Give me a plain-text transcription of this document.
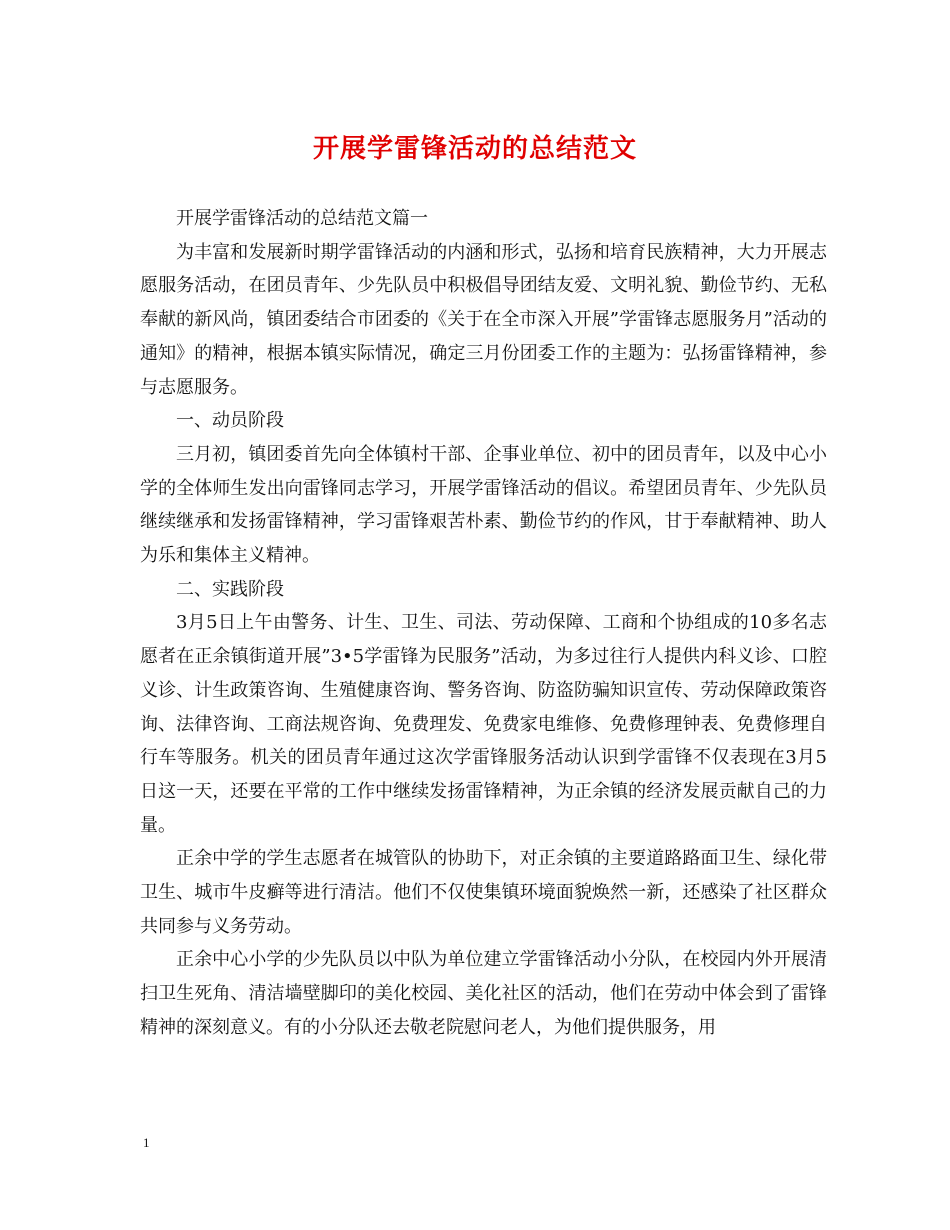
开展学雷锋活动的总结范文

开展学雷锋活动的总结范文篇一

为丰富和发展新时期学雷锋活动的内涵和形式，弘扬和培育民族精神，大力开展志愿服务活动，在团员青年、少先队员中积极倡导团结友爱、文明礼貌、勤俭节约、无私奉献的新风尚，镇团委结合市团委的《关于在全市深入开展”学雷锋志愿服务月”活动的通知》的精神，根据本镇实际情况，确定三月份团委工作的主题为：弘扬雷锋精神，参与志愿服务。

一、动员阶段

三月初，镇团委首先向全体镇村干部、企事业单位、初中的团员青年，以及中心小学的全体师生发出向雷锋同志学习，开展学雷锋活动的倡议。希望团员青年、少先队员继续继承和发扬雷锋精神，学习雷锋艰苦朴素、勤俭节约的作风，甘于奉献精神、助人为乐和集体主义精神。

二、实践阶段

3月5日上午由警务、计生、卫生、司法、劳动保障、工商和个协组成的10多名志愿者在正余镇街道开展”3•5学雷锋为民服务”活动，为多过往行人提供内科义诊、口腔义诊、计生政策咨询、生殖健康咨询、警务咨询、防盗防骗知识宣传、劳动保障政策咨询、法律咨询、工商法规咨询、免费理发、免费家电维修、免费修理钟表、免费修理自行车等服务。机关的团员青年通过这次学雷锋服务活动认识到学雷锋不仅表现在3月5日这一天，还要在平常的工作中继续发扬雷锋精神，为正余镇的经济发展贡献自己的力量。

正余中学的学生志愿者在城管队的协助下，对正余镇的主要道路路面卫生、绿化带卫生、城市牛皮癣等进行清洁。他们不仅使集镇环境面貌焕然一新，还感染了社区群众共同参与义务劳动。

正余中心小学的少先队员以中队为单位建立学雷锋活动小分队，在校园内外开展清扫卫生死角、清洁墙壁脚印的美化校园、美化社区的活动，他们在劳动中体会到了雷锋精神的深刻意义。有的小分队还去敬老院慰问老人，为他们提供服务，用

1
